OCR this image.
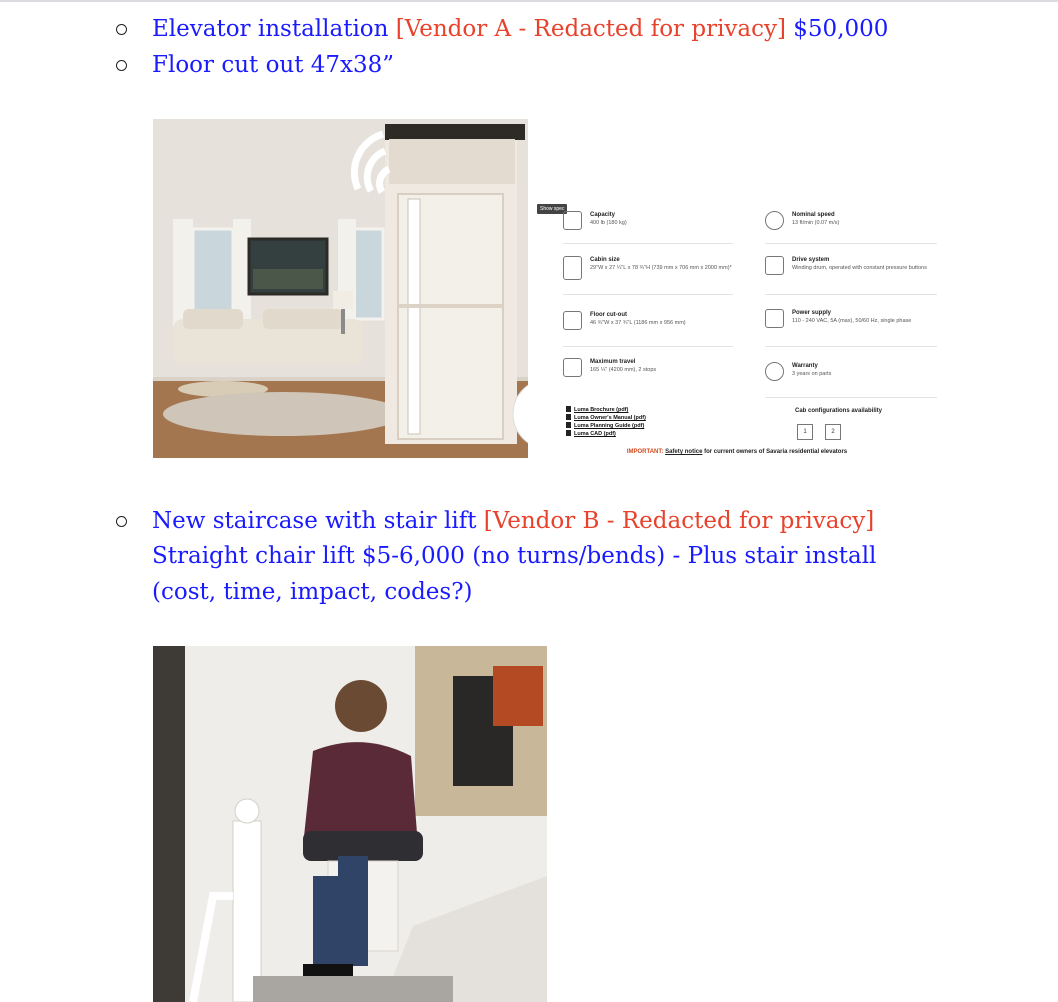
Elevator installation [Vendor A - Redacted for privacy] $50,000
Floor cut out 47x38”
Show spec
Capacity
400 lb (180 kg)
Nominal speed
13 ft/min (0.07 m/s)
Cabin size
29"W x 27 ¼"L x 78 ¾"H (739 mm x 706 mm x 2000 mm)*
Drive system
Winding drum, operated with constant pressure buttons
Floor cut-out
46 ¾"W x 37 ¾"L (1186 mm x 956 mm)
Power supply
110 - 240 VAC, 5A (max), 50/60 Hz, single phase
Maximum travel
165 ¼" (4200 mm), 2 stops
Warranty
3 years on parts
Luma Brochure (pdf)
Luma Owner's Manual (pdf)
Luma Planning Guide (pdf)
Luma CAD (pdf)
Cab configurations availability
1	2
IMPORTANT: Safety notice for current owners of Savaria residential elevators
New staircase with stair lift [Vendor B - Redacted for privacy]
Straight chair lift $5-6,000 (no turns/bends) - Plus stair install
(cost, time, impact, codes?)
